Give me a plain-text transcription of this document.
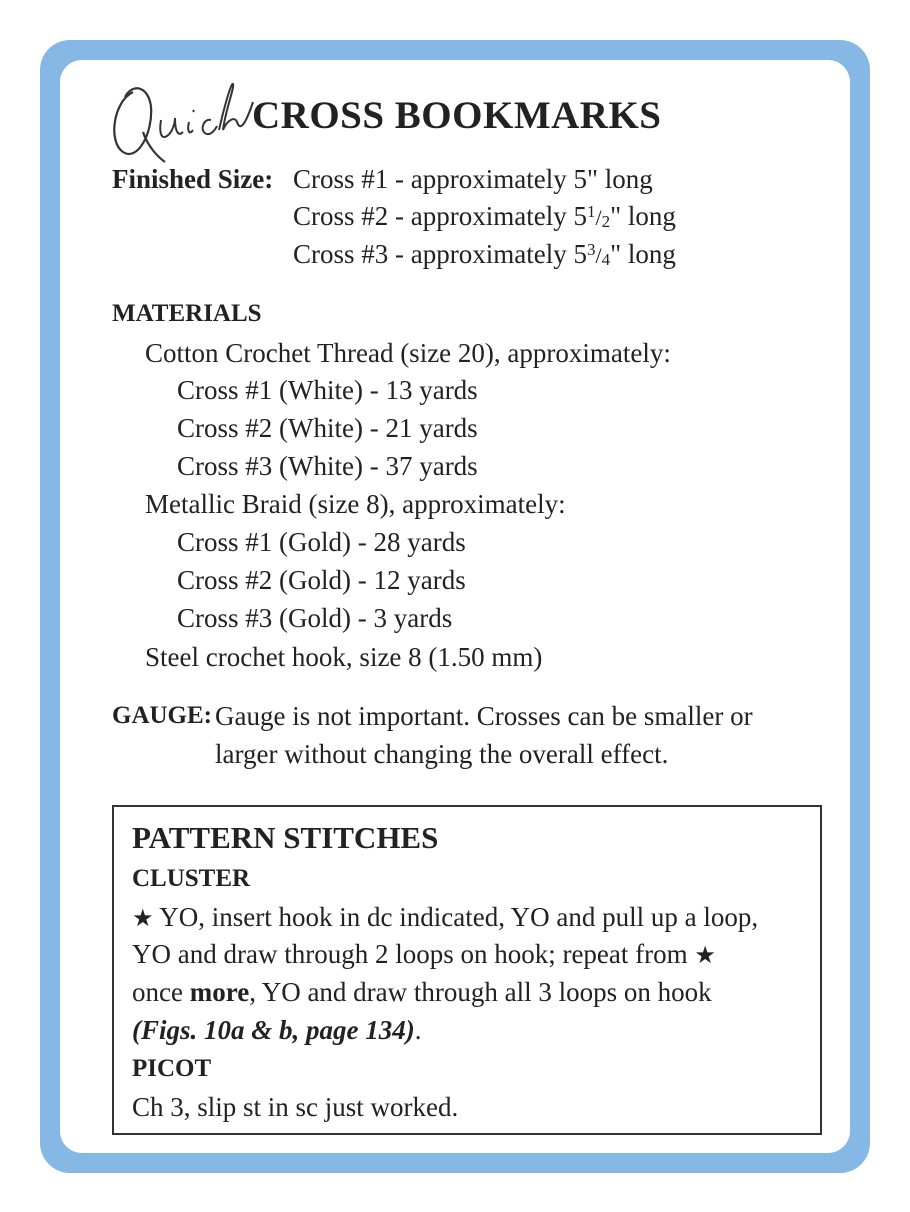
CROSS BOOKMARKS
Finished Size: Cross #1 - approximately 5" long
Cross #2 - approximately $5^1/2$" long
Cross #3 - approximately $5^3/4$" long
MATERIALS
Cotton Crochet Thread (size 20), approximately:
Cross #1 (White) - 13 yards
Cross #2 (White) - 21 yards
Cross #3 (White) - 37 yards
Metallic Braid (size 8), approximately:
Cross #1 (Gold) - 28 yards
Cross #2 (Gold) - 12 yards
Cross #3 (Gold) - 3 yards
Steel crochet hook, size 8 (1.50 mm)
GAUGE: Gauge is not important. Crosses can be smaller or
larger without changing the overall effect.
PATTERN STITCHES
CLUSTER
★ YO, insert hook in dc indicated, YO and pull up a loop,
YO and draw through 2 loops on hook; repeat from ★
once more, YO and draw through all 3 loops on hook
(Figs. 10a & b, page 134).
PICOT
Ch 3, slip st in sc just worked.
